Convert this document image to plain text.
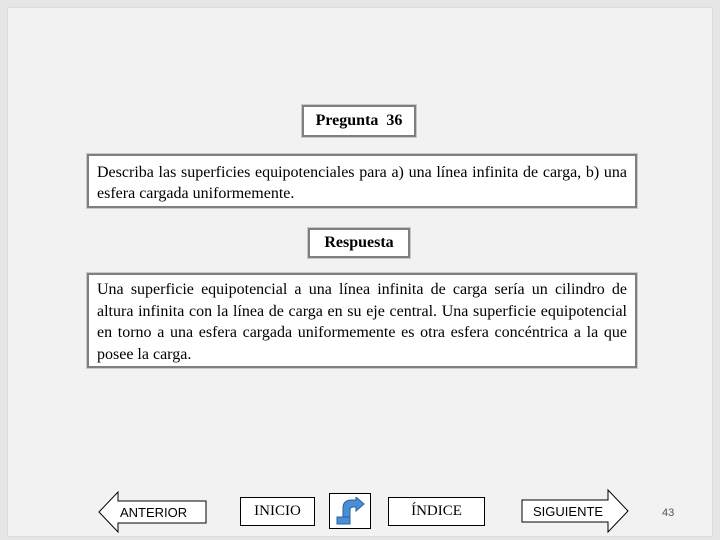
Pregunta  36
Describa las superficies equipotenciales para a) una línea infinita de carga, b) una esfera cargada uniformemente.
Respuesta
Una superficie equipotencial a una línea infinita de carga sería un cilindro de altura infinita con la línea de carga en su eje central. Una superficie equipotencial en torno a una esfera cargada uniformemente es otra esfera concéntrica a la que posee la carga.
ANTERIOR	INICIO	ÍNDICE	SIGUIENTE	43
